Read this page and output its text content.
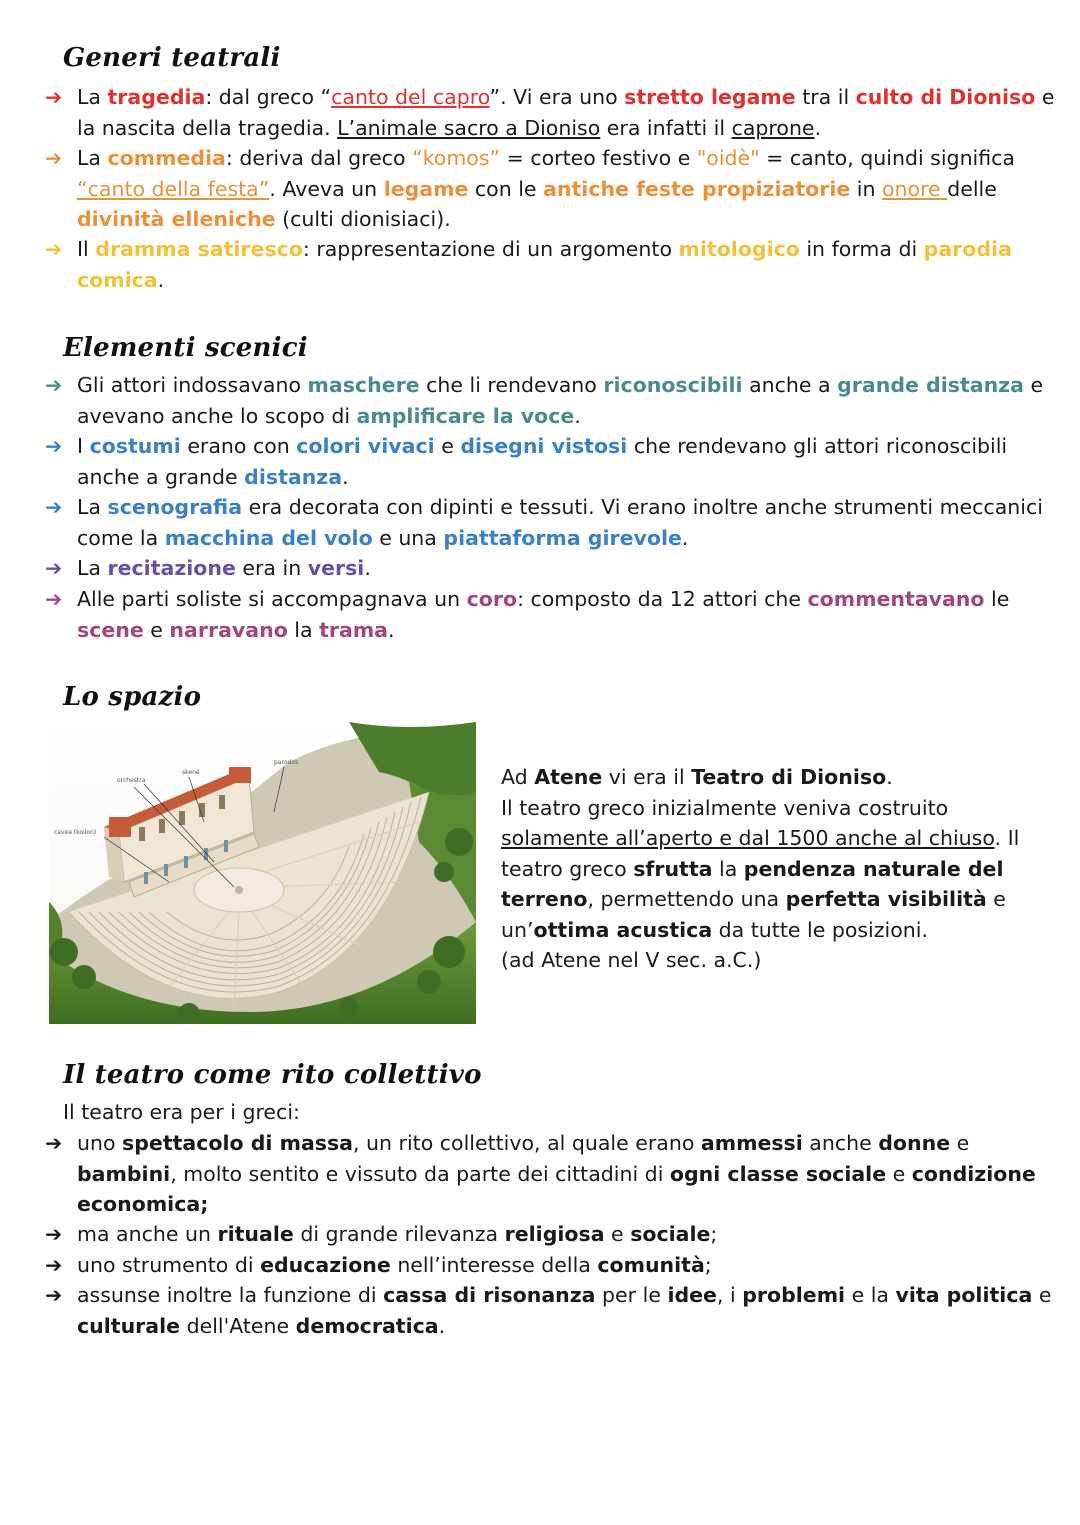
Generi teatrali

➔ La tragedia: dal greco “canto del capro”. Vi era uno stretto legame tra il culto di Dioniso e la nascita della tragedia. L’animale sacro a Dioniso era infatti il caprone.

➔ La commedia: deriva dal greco “komos” = corteo festivo e "oidè" = canto, quindi significa “canto della festa”. Aveva un legame con le antiche feste propiziatorie in onore delle divinità elleniche (culti dionisiaci).

➔ Il dramma satiresco: rappresentazione di un argomento mitologico in forma di parodia comica.

Elementi scenici

➔ Gli attori indossavano maschere che li rendevano riconoscibili anche a grande distanza e avevano anche lo scopo di amplificare la voce.

➔ I costumi erano con colori vivaci e disegni vistosi che rendevano gli attori riconoscibili anche a grande distanza.

➔ La scenografia era decorata con dipinti e tessuti. Vi erano inoltre anche strumenti meccanici come la macchina del volo e una piattaforma girevole.

➔ La recitazione era in versi.

➔ Alle parti soliste si accompagnava un coro: composto da 12 attori che commentavano le scene e narravano la trama.

Lo spazio
orchestra
skené
parodos
cavea (koilon)
Ad Atene vi era il Teatro di Dioniso.
Il teatro greco inizialmente veniva costruito solamente all’aperto e dal 1500 anche al chiuso. Il teatro greco sfrutta la pendenza naturale del terreno, permettendo una perfetta visibilità e un’ottima acustica da tutte le posizioni.
(ad Atene nel V sec. a.C.)
Il teatro come rito collettivo
Il teatro era per i greci:

➔ uno spettacolo di massa, un rito collettivo, al quale erano ammessi anche donne e bambini, molto sentito e vissuto da parte dei cittadini di ogni classe sociale e condizione economica;

➔ ma anche un rituale di grande rilevanza religiosa e sociale;

➔ uno strumento di educazione nell’interesse della comunità;

➔ assunse inoltre la funzione di cassa di risonanza per le idee, i problemi e la vita politica e culturale dell'Atene democratica.
